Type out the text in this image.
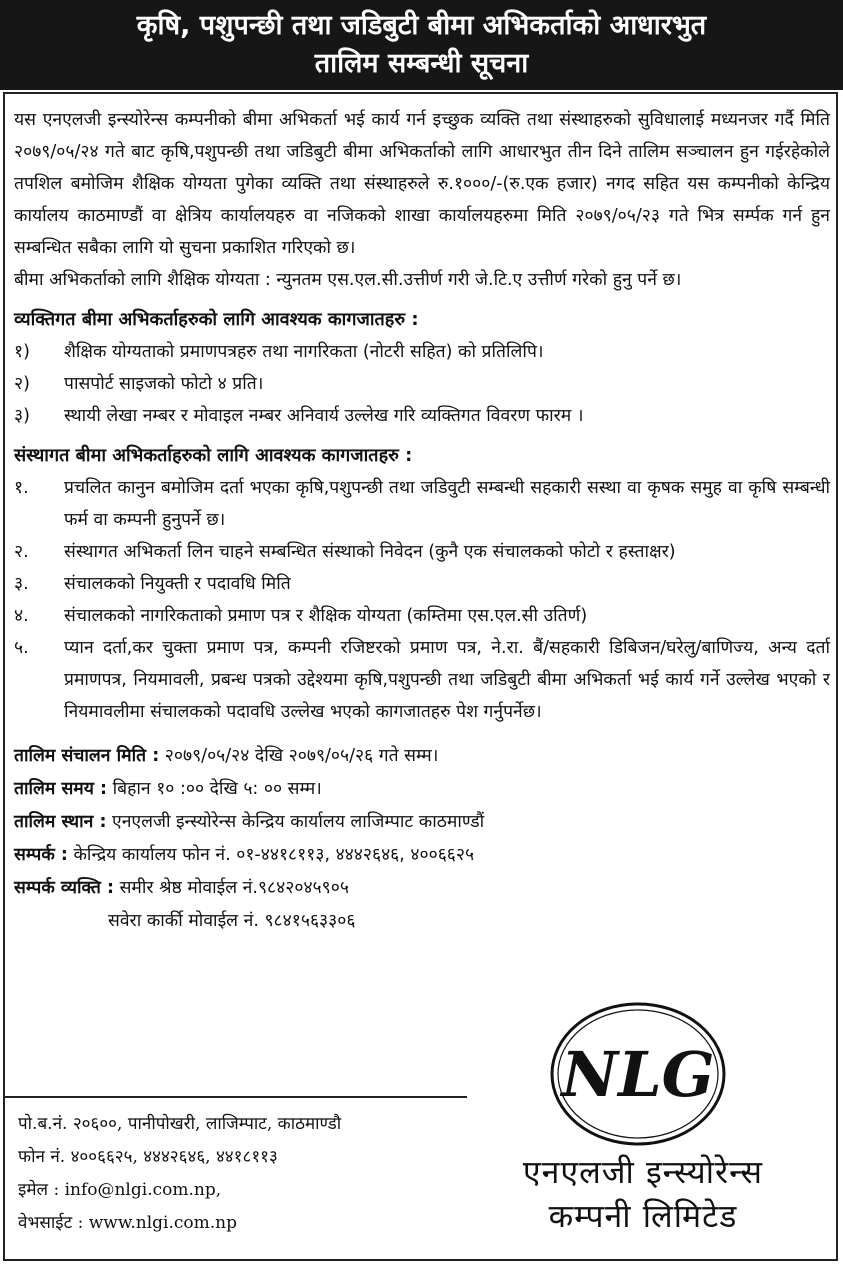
कृषि, पशुपन्छी तथा जडिबुटी बीमा अभिकर्ताको आधारभुत
तालिम सम्बन्धी सूचना

यस एनएलजी इन्स्योरेन्स कम्पनीको बीमा अभिकर्ता भई कार्य गर्न इच्छुक व्यक्ति तथा संस्थाहरुको सुविधालाई मध्यनजर गर्दै मिति २०७९/०५/२४ गते बाट कृषि,पशुपन्छी तथा जडिबुटी बीमा अभिकर्ताको लागि आधारभुत तीन दिने तालिम सञ्चालन हुन गईरहेकोले तपशिल बमोजिम शैक्षिक योग्यता पुगेका व्यक्ति तथा संस्थाहरुले रु.१०००/-(रु.एक हजार) नगद सहित यस कम्पनीको केन्द्रिय कार्यालय काठमाण्डौं वा क्षेत्रिय कार्यालयहरु वा नजिकको शाखा कार्यालयहरुमा मिति २०७९/०५/२३ गते भित्र सर्म्पक गर्न हुन सम्बन्धित सबैका लागि यो सुचना प्रकाशित गरिएको छ।

बीमा अभिकर्ताको लागि शैक्षिक योग्यता : न्युनतम एस.एल.सी.उत्तीर्ण गरी जे.टि.ए उत्तीर्ण गरेको हुनु पर्ने छ।

व्यक्तिगत बीमा अभिकर्ताहरुको लागि आवश्यक कागजातहरु :
१)	शैक्षिक योग्यताको प्रमाणपत्रहरु तथा नागरिकता (नोटरी सहित) को प्रतिलिपि।
२)	पासपोर्ट साइजको फोटो ४ प्रति।
३)	स्थायी लेखा नम्बर र मोवाइल नम्बर अनिवार्य उल्लेख गरि व्यक्तिगत विवरण फारम ।
संस्थागत बीमा अभिकर्ताहरुको लागि आवश्यक कागजातहरु :
१.	प्रचलित कानुन बमोजिम दर्ता भएका कृषि,पशुपन्छी तथा जडिवुटी सम्बन्धी सहकारी सस्था वा कृषक समुह वा कृषि सम्बन्धी फर्म वा कम्पनी हुनुपर्ने छ।
२.	संस्थागत अभिकर्ता लिन चाहने सम्बन्धित संस्थाको निवेदन (कुनै एक संचालकको फोटो र हस्ताक्षर)
३.	संचालकको नियुक्ती र पदावधि मिति
४.	संचालकको नागरिकताको प्रमाण पत्र र शैक्षिक योग्यता (कम्तिमा एस.एल.सी उतिर्ण)
५.	प्यान दर्ता,कर चुक्ता प्रमाण पत्र, कम्पनी रजिष्टरको प्रमाण पत्र, ने.रा. बैं/सहकारी डिबिजन/घरेलु/बाणिज्य, अन्य दर्ता प्रमाणपत्र, नियमावली, प्रबन्ध पत्रको उद्देश्यमा कृषि,पशुपन्छी तथा जडिबुटी बीमा अभिकर्ता भई कार्य गर्ने उल्लेख भएको र नियमावलीमा संचालकको पदावधि उल्लेख भएको कागजातहरु पेश गर्नुपर्नेछ।
तालिम संचालन मिति : २०७९/०५/२४ देखि २०७९/०५/२६ गते सम्म।
तालिम समय : बिहान १० :०० देखि ५: ०० सम्म।
तालिम स्थान : एनएलजी इन्स्योरेन्स केन्द्रिय कार्यालय लाजिम्पाट काठमाण्डौं
सम्पर्क : केन्द्रिय कार्यालय फोन नं. ०१-४४१८११३, ४४४२६४६, ४००६६२५
सम्पर्क व्यक्ति : समीर श्रेष्ठ मोवाईल नं.९८४२०४५९०५
सवेरा कार्की मोवाईल नं. ९८४१५६३३०६
पो.ब.नं. २०६००, पानीपोखरी, लाजिम्पाट, काठमाण्डौ
फोन नं. ४००६६२५, ४४४२६४६, ४४१८११३
इमेल : info@nlgi.com.np,
वेभसाईट : www.nlgi.com.np
NLG
एनएलजी इन्स्योरेन्स
कम्पनी लिमिटेड
